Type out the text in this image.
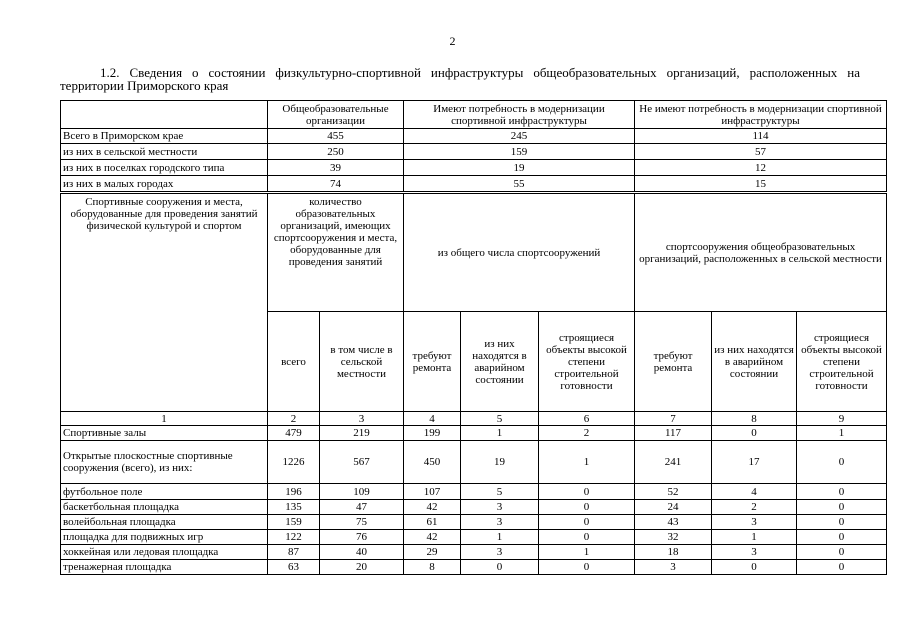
2
1.2. Сведения о состоянии физкультурно-спортивной инфраструктуры общеобразовательных организаций, расположенных на территории Приморского края
	Общеобразовательные организации	Имеют потребность в модернизации спортивной инфраструктуры	Не имеют потребность в модернизации спортивной инфраструктуры
Всего в Приморском крае	455	245	114
из них в сельской местности	250	159	57
из них в поселках городского типа	39	19	12
из них в малых городах	74	55	15
Спортивные сооружения и места, оборудованные для проведения занятий физической культурой и спортом	количество образовательных организаций, имеющих спортсооружения и места, оборудованные для проведения занятий		из общего числа спортсооружений			спортсооружения общеобразовательных организаций, расположенных в сельской местности		
	всего	в том числе в сельской местности	требуют ремонта	из них находятся в аварийном состоянии	строящиеся объекты высокой степени строительной готовности	требуют ремонта	из них находятся в аварийном состоянии	строящиеся объекты высокой степени строительной готовности
1	2	3	4	5	6	7	8	9
Спортивные залы	479	219	199	1	2	117	0	1
Открытые плоскостные спортивные сооружения (всего), из них:	1226	567	450	19	1	241	17	0
футбольное поле	196	109	107	5	0	52	4	0
баскетбольная площадка	135	47	42	3	0	24	2	0
волейбольная площадка	159	75	61	3	0	43	3	0
площадка для подвижных игр	122	76	42	1	0	32	1	0
хоккейная или ледовая площадка	87	40	29	3	1	18	3	0
тренажерная площадка	63	20	8	0	0	3	0	0
